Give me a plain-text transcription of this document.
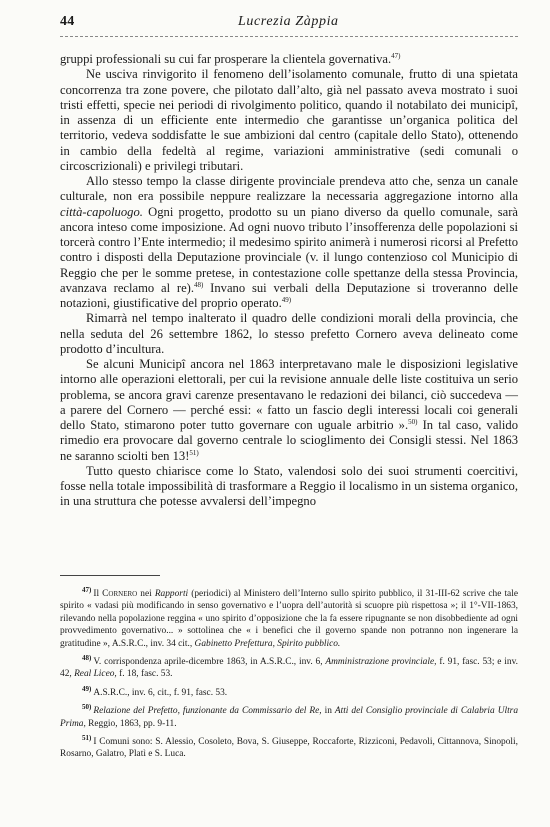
44	Lucrezia Zàppia

gruppi professionali su cui far prosperare la clientela governativa.$^{47)}$

Ne usciva rinvigorito il fenomeno dell’isolamento comunale, frutto di una spietata concorrenza tra zone povere, che pilotato dall’alto, già nel passato aveva mostrato i suoi tristi effetti, specie nei periodi di rivolgimento politico, quando il notabilato dei municipî, in assenza di un efficiente ente intermedio che garantisse un’organica politica del territorio, vedeva soddisfatte le sue ambizioni dal centro (capitale dello Stato), ottenendo in cambio della fedeltà al regime, variazioni amministrative (sedi comunali o circoscrizionali) e privilegi tributari.

Allo stesso tempo la classe dirigente provinciale prendeva atto che, senza un canale culturale, non era possibile neppure realizzare la necessaria aggregazione intorno alla città-capoluogo. Ogni progetto, prodotto su un piano diverso da quello comunale, sarà ancora inteso come imposizione. Ad ogni nuovo tributo l’insofferenza delle popolazioni si torcerà contro l’Ente intermedio; il medesimo spirito animerà i numerosi ricorsi al Prefetto contro i disposti della Deputazione provinciale (v. il lungo contenzioso col Municipio di Reggio che per le somme pretese, in contestazione colle spettanze della stessa Provincia, avanzava reclamo al re).$^{48)}$ Invano sui verbali della Deputazione si troveranno delle notazioni, giustificative del proprio operato.$^{49)}$

Rimarrà nel tempo inalterato il quadro delle condizioni morali della provincia, che nella seduta del 26 settembre 1862, lo stesso prefetto Cornero aveva delineato come prodotto d’incultura.

Se alcuni Municipî ancora nel 1863 interpretavano male le disposizioni legislative intorno alle operazioni elettorali, per cui la revisione annuale delle liste costituiva un serio problema, se ancora gravi carenze presentavano le redazioni dei bilanci, ciò succedeva — a parere del Cornero — perché essi: « fatto un fascio degli interessi locali coi generali dello Stato, stimarono poter tutto governare con uguale arbitrio ».$^{50)}$ In tal caso, valido rimedio era provocare dal governo centrale lo scioglimento dei Consigli stessi. Nel 1863 ne saranno sciolti ben 13!$^{51)}$

Tutto questo chiarisce come lo Stato, valendosi solo dei suoi strumenti coercitivi, fosse nella totale impossibilità di trasformare a Reggio il localismo in un sistema organico, in una struttura che potesse avvalersi dell’impegno

$^{47)}$ Il Cornero nei Rapporti (periodici) al Ministero dell’Interno sullo spirito pubblico, il 31-III-62 scrive che tale spirito « vadasi più modificando in senso governativo e l’uopra dell’autorità si scuopre più rispettosa »; il 1°-VII-1863, rilevando nella popolazione reggina « uno spirito d’opposizione che la fa essere ripugnante se non disobbediente ad ogni provvedimento governativo... » sottolinea che « i benefici che il governo spande non potranno non ingenerare la gratitudine », A.S.R.C., inv. 34 cit., Gabinetto Prefettura, Spirito pubblico.

$^{48)}$ V. corrispondenza aprile-dicembre 1863, in A.S.R.C., inv. 6, Amministrazione provinciale, f. 91, fasc. 53; e inv. 42, Real Liceo, f. 18, fasc. 53.

$^{49)}$ A.S.R.C., inv. 6, cit., f. 91, fasc. 53.

$^{50)}$ Relazione del Prefetto, funzionante da Commissario del Re, in Atti del Consiglio provinciale di Calabria Ultra Prima, Reggio, 1863, pp. 9-11.

$^{51)}$ I Comuni sono: S. Alessio, Cosoleto, Bova, S. Giuseppe, Roccaforte, Rizziconi, Pedavoli, Cittannova, Sinopoli, Rosarno, Galatro, Platì e S. Luca.
